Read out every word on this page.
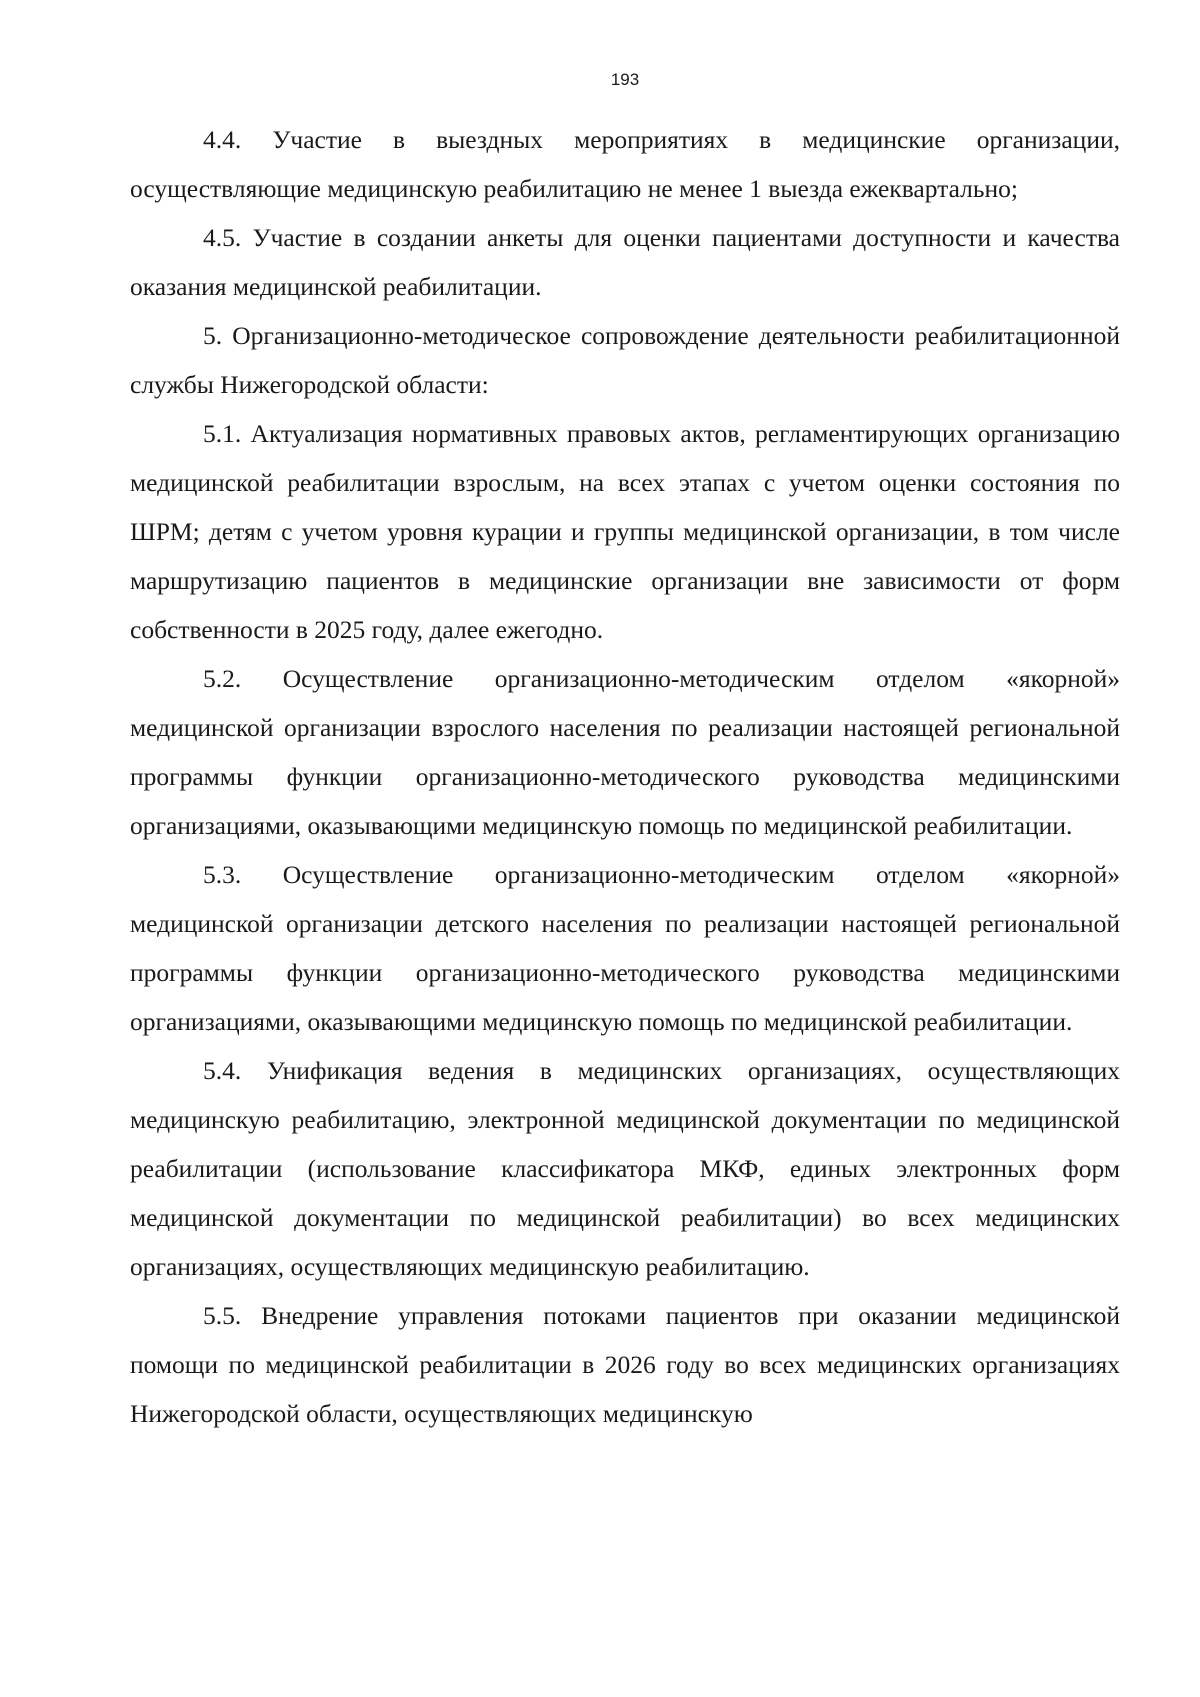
193

4.4. Участие в выездных мероприятиях в медицинские организации, осуществляющие медицинскую реабилитацию не менее 1 выезда ежеквартально;

4.5. Участие в создании анкеты для оценки пациентами доступности и качества оказания медицинской реабилитации.

5. Организационно-методическое сопровождение деятельности реабилитационной службы Нижегородской области:

5.1. Актуализация нормативных правовых актов, регламентирующих организацию медицинской реабилитации взрослым, на всех этапах с учетом оценки состояния по ШРМ; детям с учетом уровня курации и группы медицинской организации, в том числе маршрутизацию пациентов в медицинские организации вне зависимости от форм собственности в 2025 году, далее ежегодно.

5.2. Осуществление организационно-методическим отделом «якорной» медицинской организации взрослого населения по реализации настоящей региональной программы функции организационно-методического руководства медицинскими организациями, оказывающими медицинскую помощь по медицинской реабилитации.

5.3. Осуществление организационно-методическим отделом «якорной» медицинской организации детского населения по реализации настоящей региональной программы функции организационно-методического руководства медицинскими организациями, оказывающими медицинскую помощь по медицинской реабилитации.

5.4. Унификация ведения в медицинских организациях, осуществляющих медицинскую реабилитацию, электронной медицинской документации по медицинской реабилитации (использование классификатора МКФ, единых электронных форм медицинской документации по медицинской реабилитации) во всех медицинских организациях, осуществляющих медицинскую реабилитацию.

5.5. Внедрение управления потоками пациентов при оказании медицинской помощи по медицинской реабилитации в 2026 году во всех медицинских организациях Нижегородской области, осуществляющих медицинскую
